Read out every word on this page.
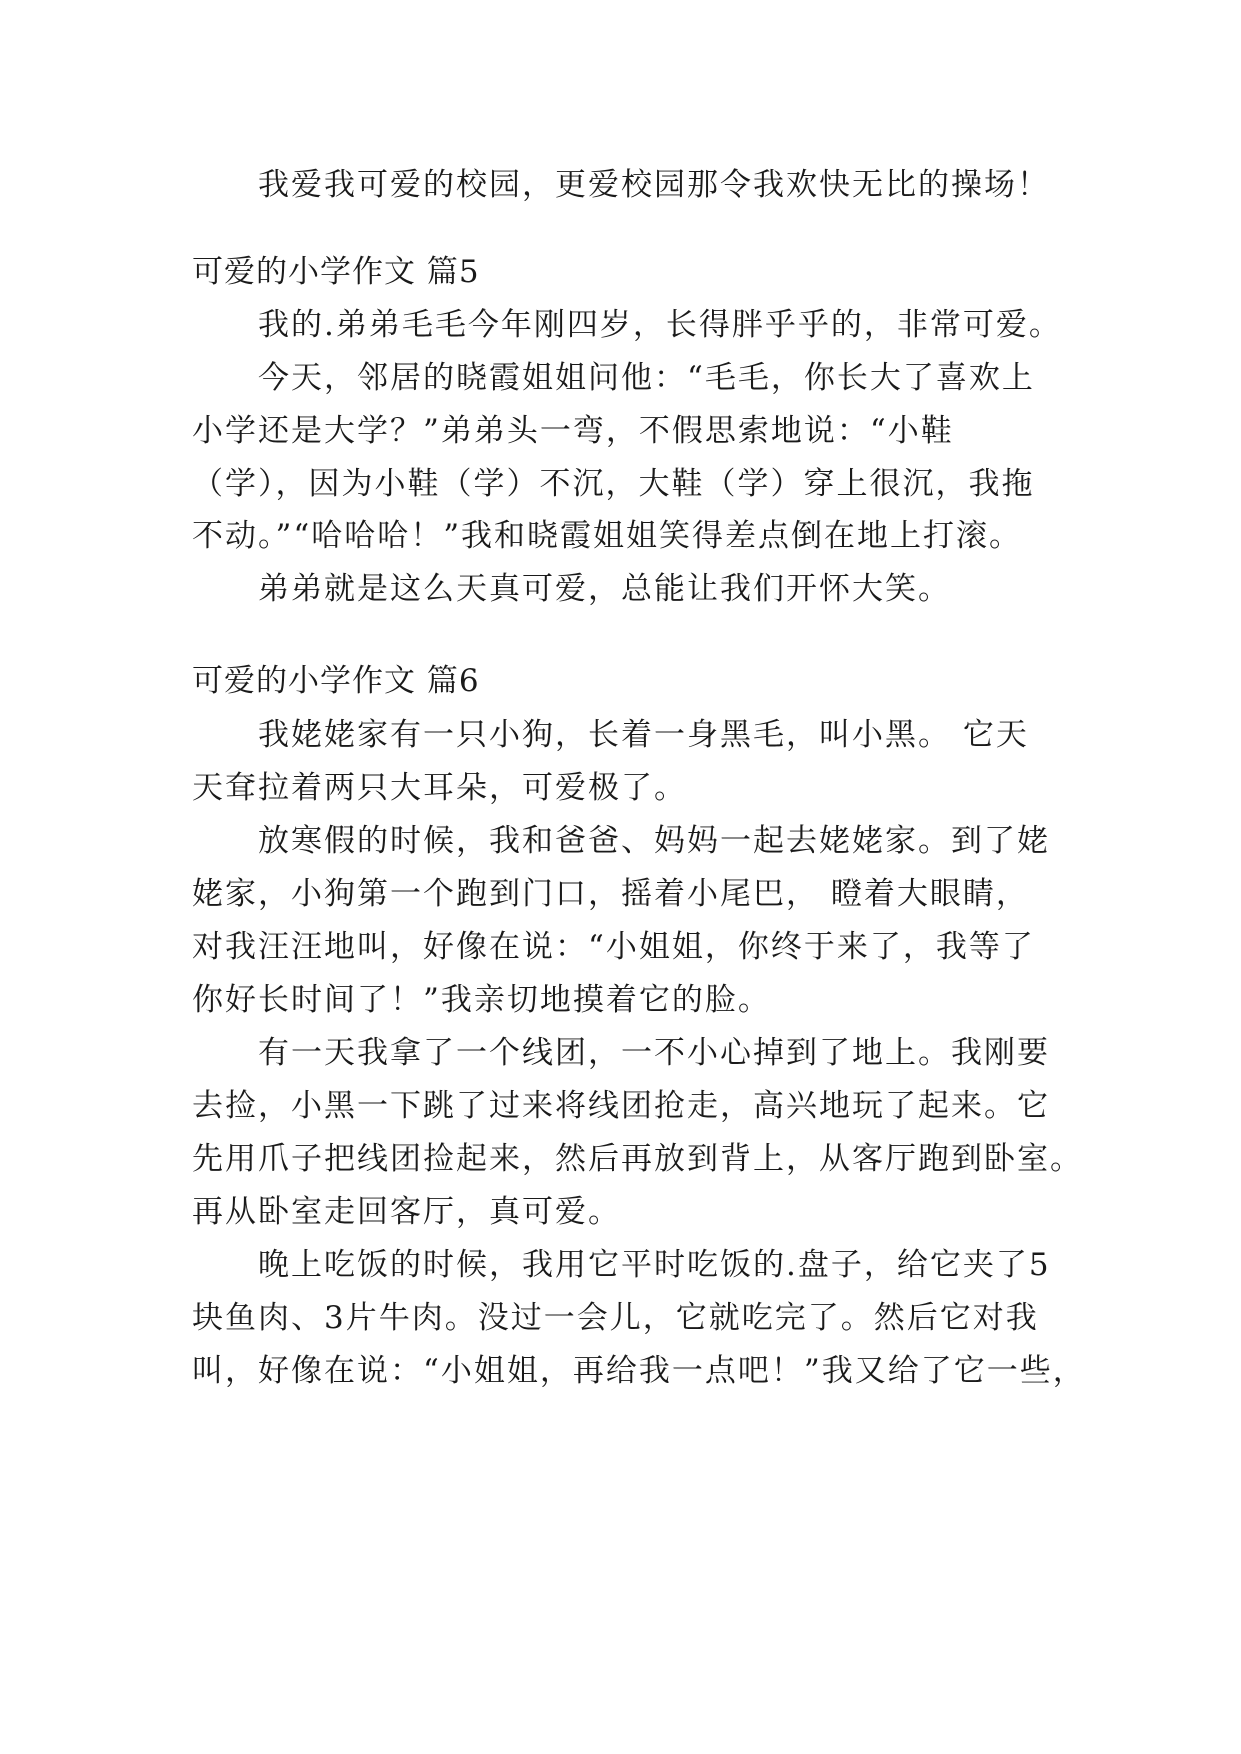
我爱我可爱的校园，更爱校园那令我欢快无比的操场！
可爱的小学作文 篇5
我的.弟弟毛毛今年刚四岁，长得胖乎乎的，非常可爱。
今天，邻居的晓霞姐姐问他：“毛毛，你长大了喜欢上
小学还是大学？”弟弟头一弯，不假思索地说：“小鞋
（学），因为小鞋（学）不沉，大鞋（学）穿上很沉，我拖
不动。”“哈哈哈！”我和晓霞姐姐笑得差点倒在地上打滚。
弟弟就是这么天真可爱，总能让我们开怀大笑。
可爱的小学作文 篇6
我姥姥家有一只小狗，长着一身黑毛，叫小黑。 它天
天耷拉着两只大耳朵，可爱极了。
放寒假的时候，我和爸爸、妈妈一起去姥姥家。到了姥
姥家，小狗第一个跑到门口，摇着小尾巴， 瞪着大眼睛，
对我汪汪地叫，好像在说：“小姐姐，你终于来了，我等了
你好长时间了！”我亲切地摸着它的脸。
有一天我拿了一个线团，一不小心掉到了地上。我刚要
去捡，小黑一下跳了过来将线团抢走，高兴地玩了起来。它
先用爪子把线团捡起来，然后再放到背上，从客厅跑到卧室。
再从卧室走回客厅，真可爱。
晚上吃饭的时候，我用它平时吃饭的.盘子，给它夹了5
块鱼肉、3片牛肉。没过一会儿，它就吃完了。然后它对我
叫，好像在说：“小姐姐，再给我一点吧！”我又给了它一些，
